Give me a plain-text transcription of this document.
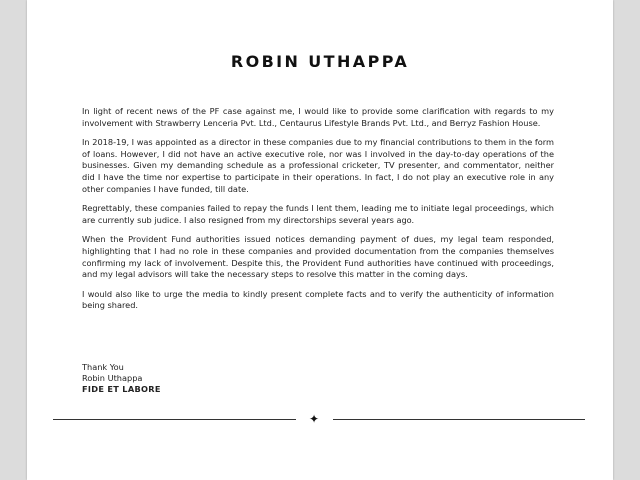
ROBIN UTHAPPA

In light of recent news of the PF case against me, I would like to provide some clarification with regards to my involvement with Strawberry Lenceria Pvt. Ltd., Centaurus Lifestyle Brands Pvt. Ltd., and Berryz Fashion House.

In 2018-19, I was appointed as a director in these companies due to my financial contributions to them in the form of loans. However, I did not have an active executive role, nor was I involved in the day-to-day operations of the businesses. Given my demanding schedule as a professional cricketer, TV presenter, and commentator, neither did I have the time nor expertise to participate in their operations. In fact, I do not play an executive role in any other companies I have funded, till date.

Regrettably, these companies failed to repay the funds I lent them, leading me to initiate legal proceedings, which are currently sub judice. I also resigned from my directorships several years ago.

When the Provident Fund authorities issued notices demanding payment of dues, my legal team responded, highlighting that I had no role in these companies and provided documentation from the companies themselves confirming my lack of involvement. Despite this, the Provident Fund authorities have continued with proceedings, and my legal advisors will take the necessary steps to resolve this matter in the coming days.

I would also like to urge the media to kindly present complete facts and to verify the authenticity of information being shared.

Thank You
Robin Uthappa
FIDE ET LABORE
✦
